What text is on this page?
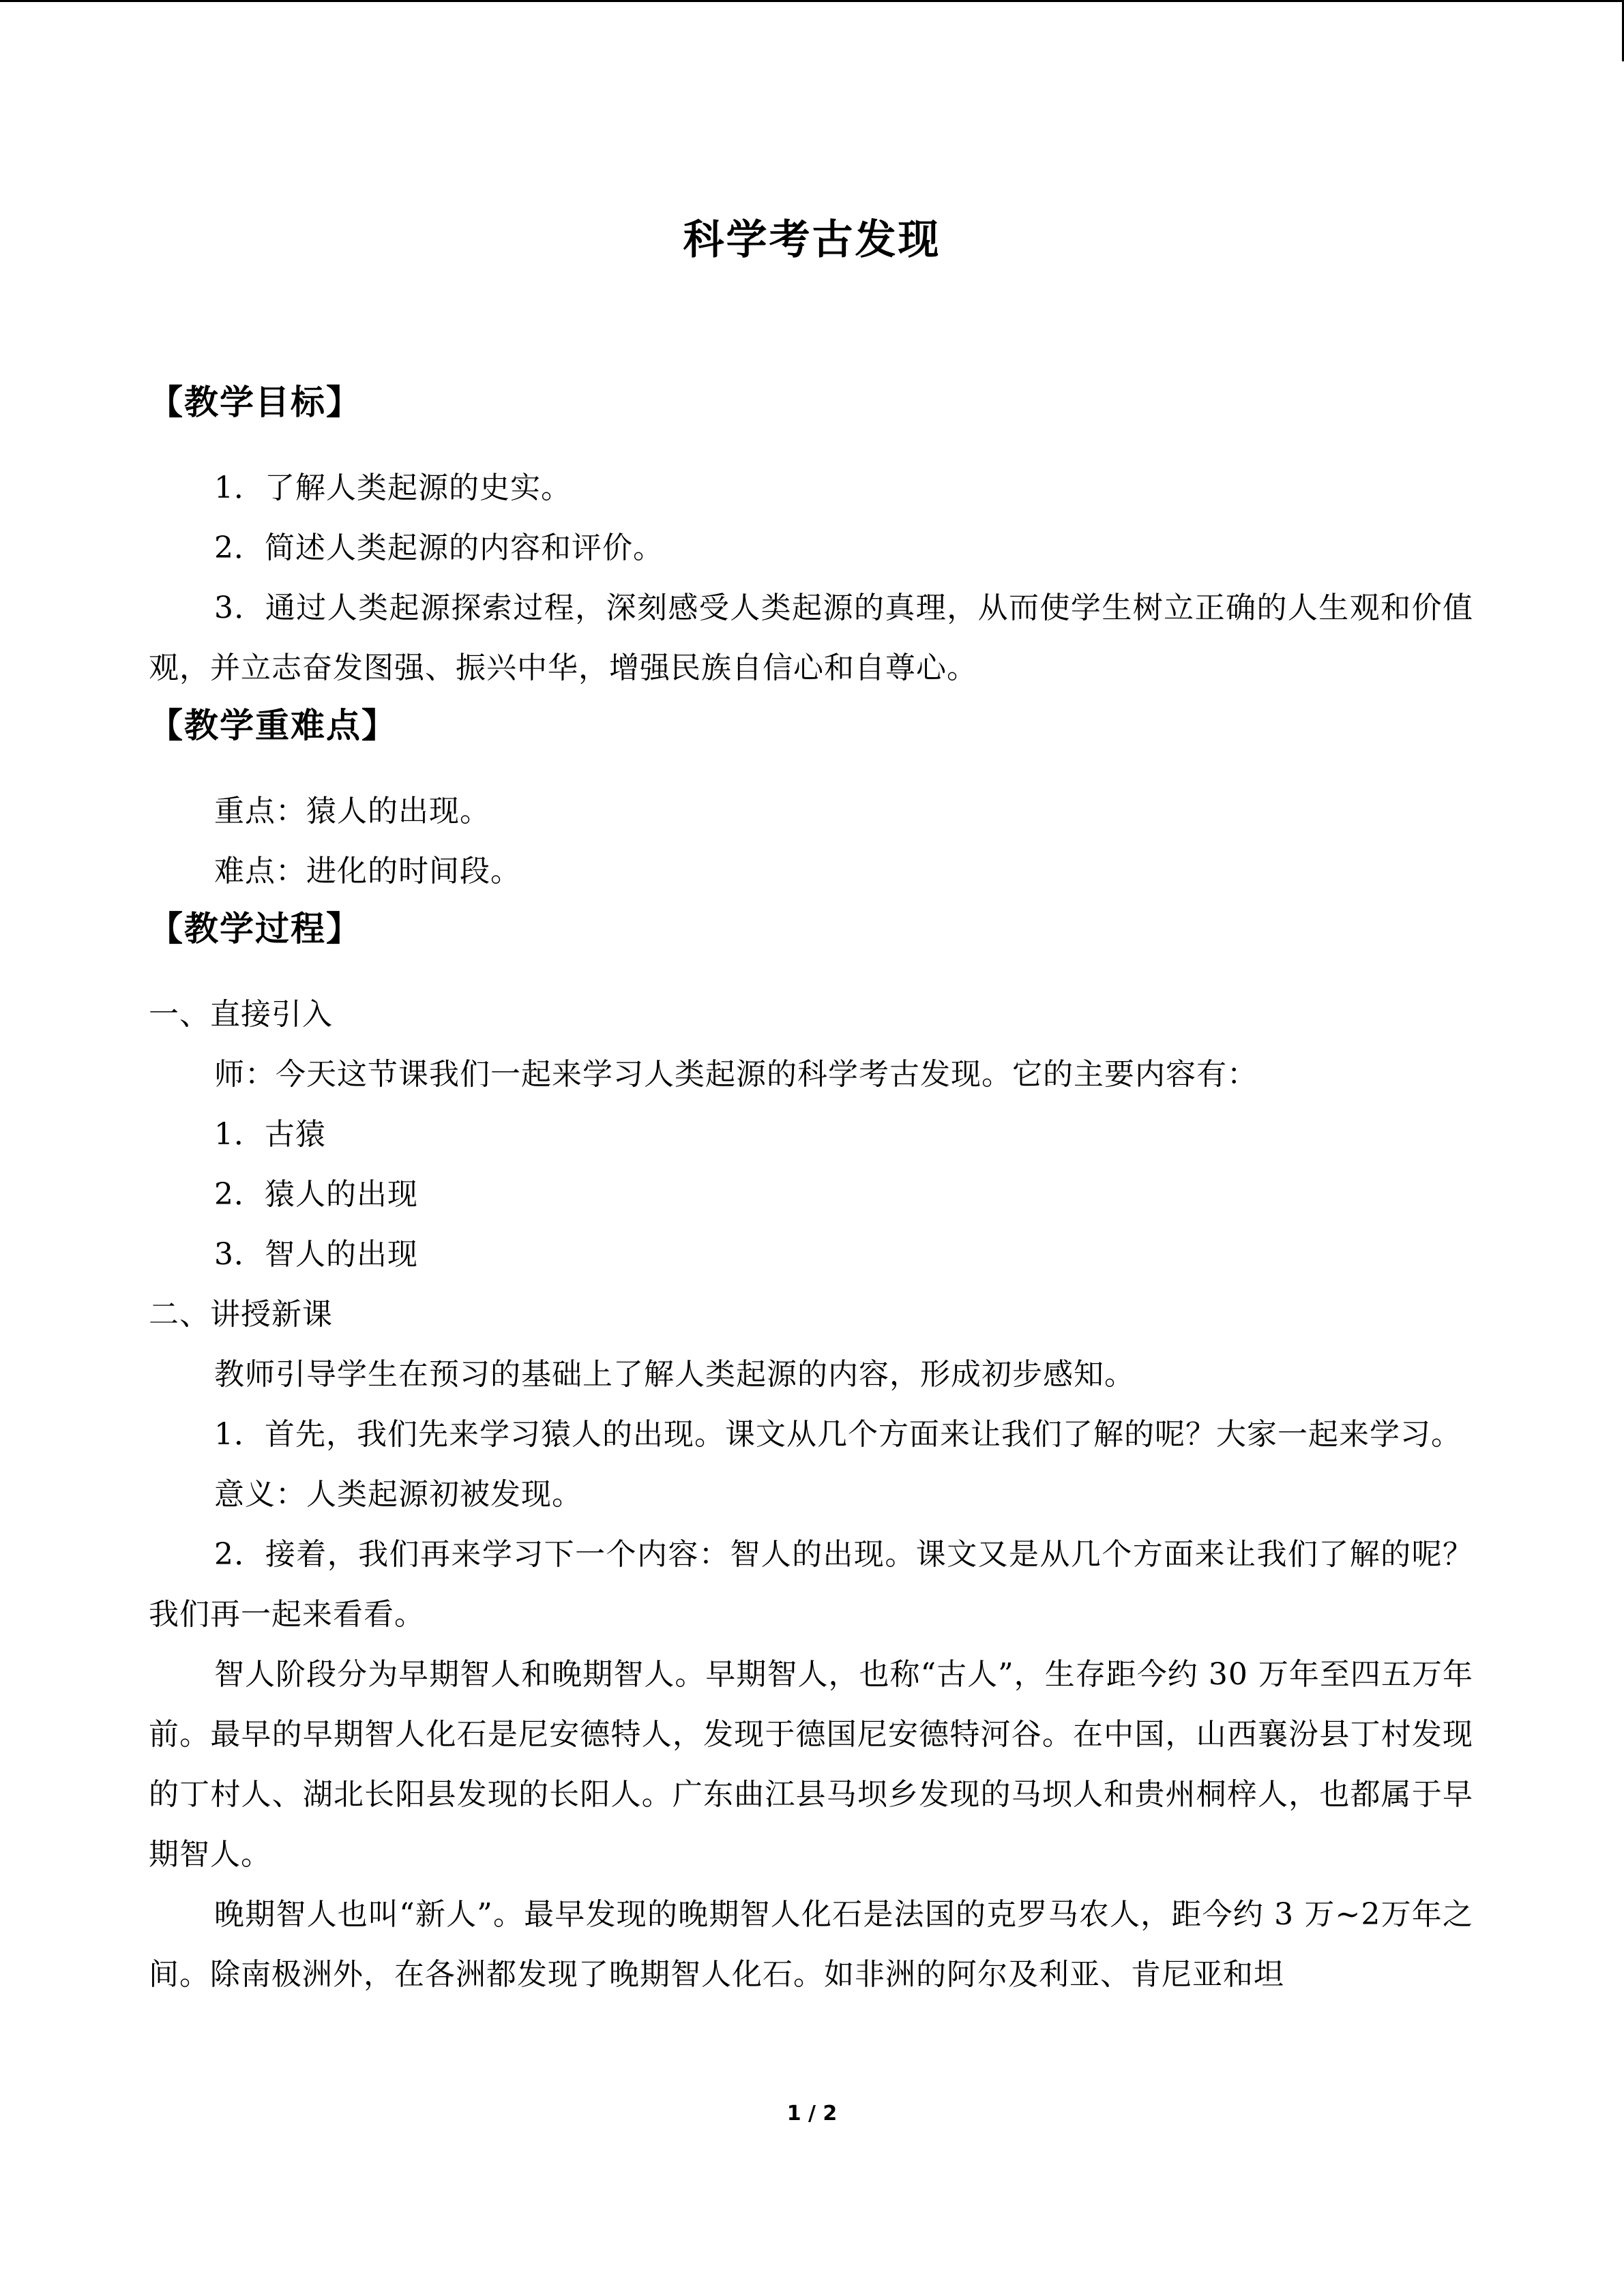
科学考古发现
【教学目标】

1．了解人类起源的史实。

2．简述人类起源的内容和评价。

3．通过人类起源探索过程，深刻感受人类起源的真理，从而使学生树立正确的人生观和价值观，并立志奋发图强、振兴中华，增强民族自信心和自尊心。

【教学重难点】

重点：猿人的出现。

难点：进化的时间段。

【教学过程】

一、直接引入

师：今天这节课我们一起来学习人类起源的科学考古发现。它的主要内容有：

1．古猿

2．猿人的出现

3．智人的出现

二、讲授新课

教师引导学生在预习的基础上了解人类起源的内容，形成初步感知。

1．首先，我们先来学习猿人的出现。课文从几个方面来让我们了解的呢？大家一起来学习。

意义：人类起源初被发现。

2．接着，我们再来学习下一个内容：智人的出现。课文又是从几个方面来让我们了解的呢？我们再一起来看看。

智人阶段分为早期智人和晚期智人。早期智人，也称“古人”，生存距今约 30 万年至四五万年前。最早的早期智人化石是尼安德特人，发现于德国尼安德特河谷。在中国，山西襄汾县丁村发现的丁村人、湖北长阳县发现的长阳人。广东曲江县马坝乡发现的马坝人和贵州桐梓人，也都属于早期智人。

晚期智人也叫“新人”。最早发现的晚期智人化石是法国的克罗马农人，距今约 3 万~2万年之间。除南极洲外，在各洲都发现了晚期智人化石。如非洲的阿尔及利亚、肯尼亚和坦

1 / 2
